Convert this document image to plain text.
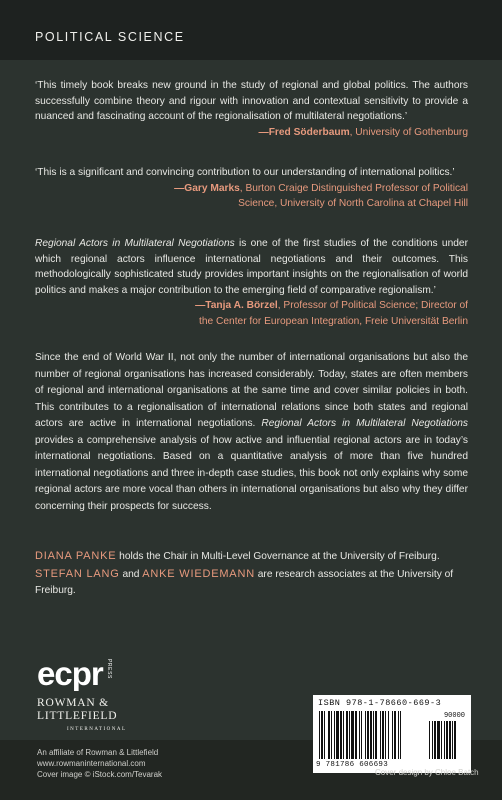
POLITICAL SCIENCE
‘This timely book breaks new ground in the study of regional and global politics. The authors successfully combine theory and rigour with innovation and contextual sensitivity to provide a nuanced and fascinating account of the regionalisation of multilateral negotiations.’
—Fred Söderbaum, University of Gothenburg
‘This is a significant and convincing contribution to our understanding of international politics.’
—Gary Marks, Burton Craige Distinguished Professor of Political Science, University of North Carolina at Chapel Hill
Regional Actors in Multilateral Negotiations is one of the first studies of the conditions under which regional actors influence international negotiations and their outcomes. This methodologically sophisticated study provides important insights on the regionalisation of world politics and makes a major contribution to the emerging field of comparative regionalism.’
—Tanja A. Börzel, Professor of Political Science; Director of the Center for European Integration, Freie Universität Berlin
Since the end of World War II, not only the number of international organisations but also the number of regional organisations has increased considerably. Today, states are often members of regional and international organisations at the same time and cover similar policies in both. This contributes to a regionalisation of international relations since both states and regional actors are active in international negotiations. Regional Actors in Multilateral Negotiations provides a comprehensive analysis of how active and influential regional actors are in today’s international negotiations. Based on a quantitative analysis of more than five hundred international negotiations and three in-depth case studies, this book not only explains why some regional actors are more vocal than others in international organisations but also why they differ concerning their prospects for success.
DIANA PANKE holds the Chair in Multi-Level Governance at the University of Freiburg. STEFAN LANG and ANKE WIEDEMANN are research associates at the University of Freiburg.
ecpr PRESS
ROWMAN &
LITTLEFIELD
INTERNATIONAL
An affiliate of Rowman & Littlefield
www.rowmaninternational.com
Cover image © iStock.com/Tevarak
ISBN 978-1-78660-669-3
90000
9 781786 606693
Cover design by Chloe Batch
